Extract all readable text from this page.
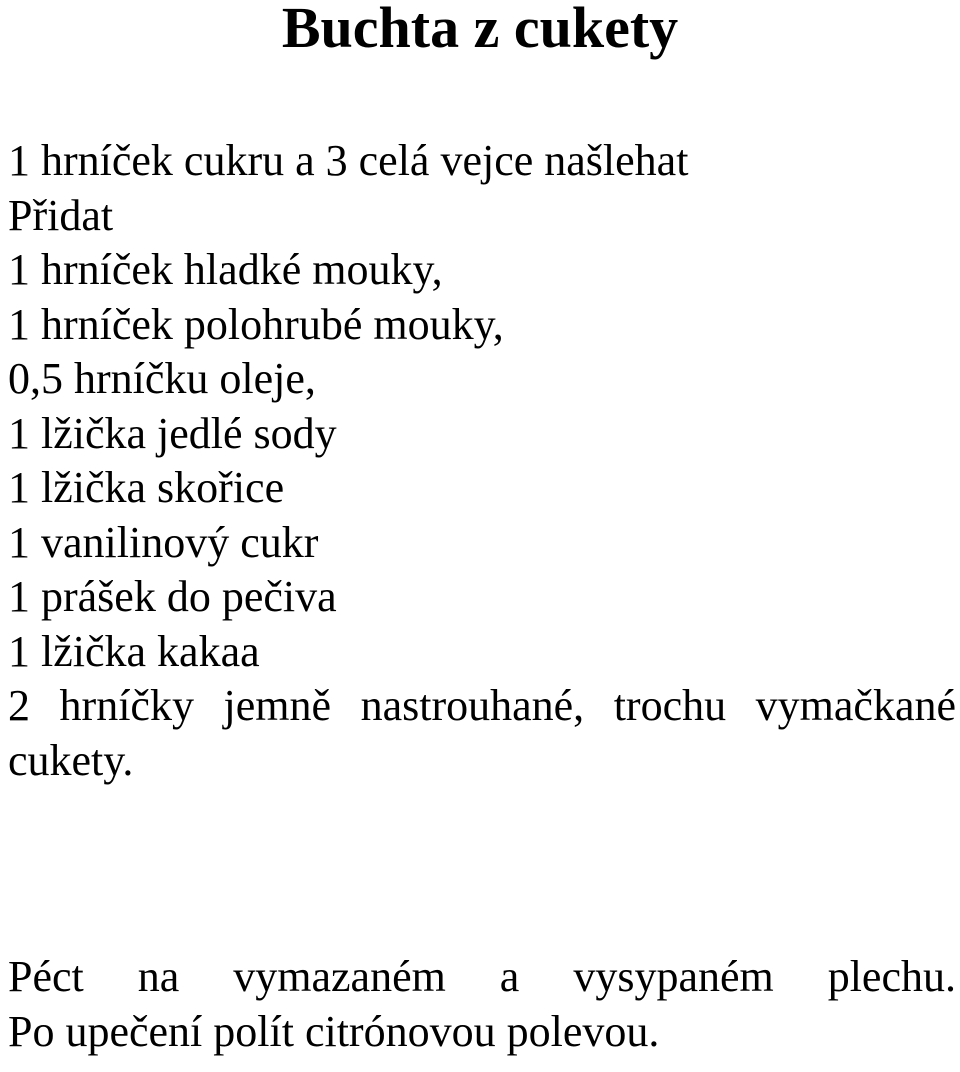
Buchta z cukety
1 hrníček cukru a 3 celá vejce našlehat
Přidat
1 hrníček hladké mouky,
1 hrníček polohrubé mouky,
0,5 hrníčku oleje,
1 lžička jedlé sody
1 lžička skořice
1 vanilinový cukr
1 prášek do pečiva
1 lžička kakaa
2 hrníčky jemně nastrouhané, trochu vymačkané cukety.

Péct na vymazaném a vysypaném plechu.

Po upečení polít citrónovou polevou.
